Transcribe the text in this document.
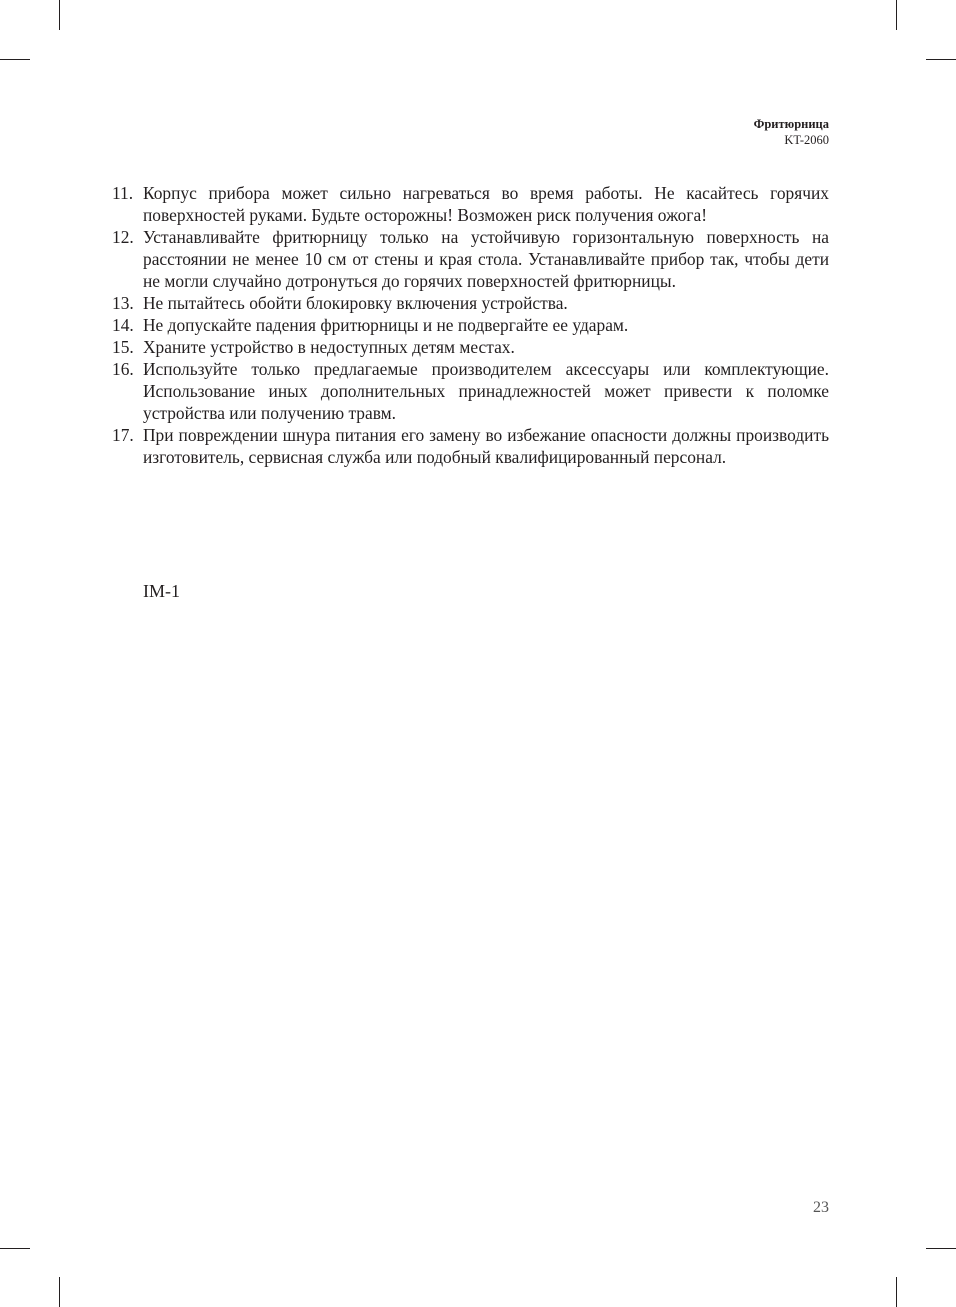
Фритюрница
KT-2060
11. Корпус прибора может сильно нагреваться во время работы. Не касайтесь горячих поверхностей руками. Будьте осторожны! Возможен риск получения ожога!
12. Устанавливайте фритюрницу только на устойчивую горизонтальную поверхность на расстоянии не менее 10 см от стены и края стола. Устанавливайте прибор так, чтобы дети не могли случайно дотронуться до горячих поверхностей фритюрницы.
13. Не пытайтесь обойти блокировку включения устройства.
14. Не допускайте падения фритюрницы и не подвергайте ее ударам.
15. Храните устройство в недоступных детям местах.
16. Используйте только предлагаемые производителем аксессуары или комплектующие. Использование иных дополнительных принадлежностей может привести к поломке устройства или получению травм.
17. При повреждении шнура питания его замену во избежание опасности должны производить изготовитель, сервисная служба или подобный квалифицированный персонал.
IM-1
23
